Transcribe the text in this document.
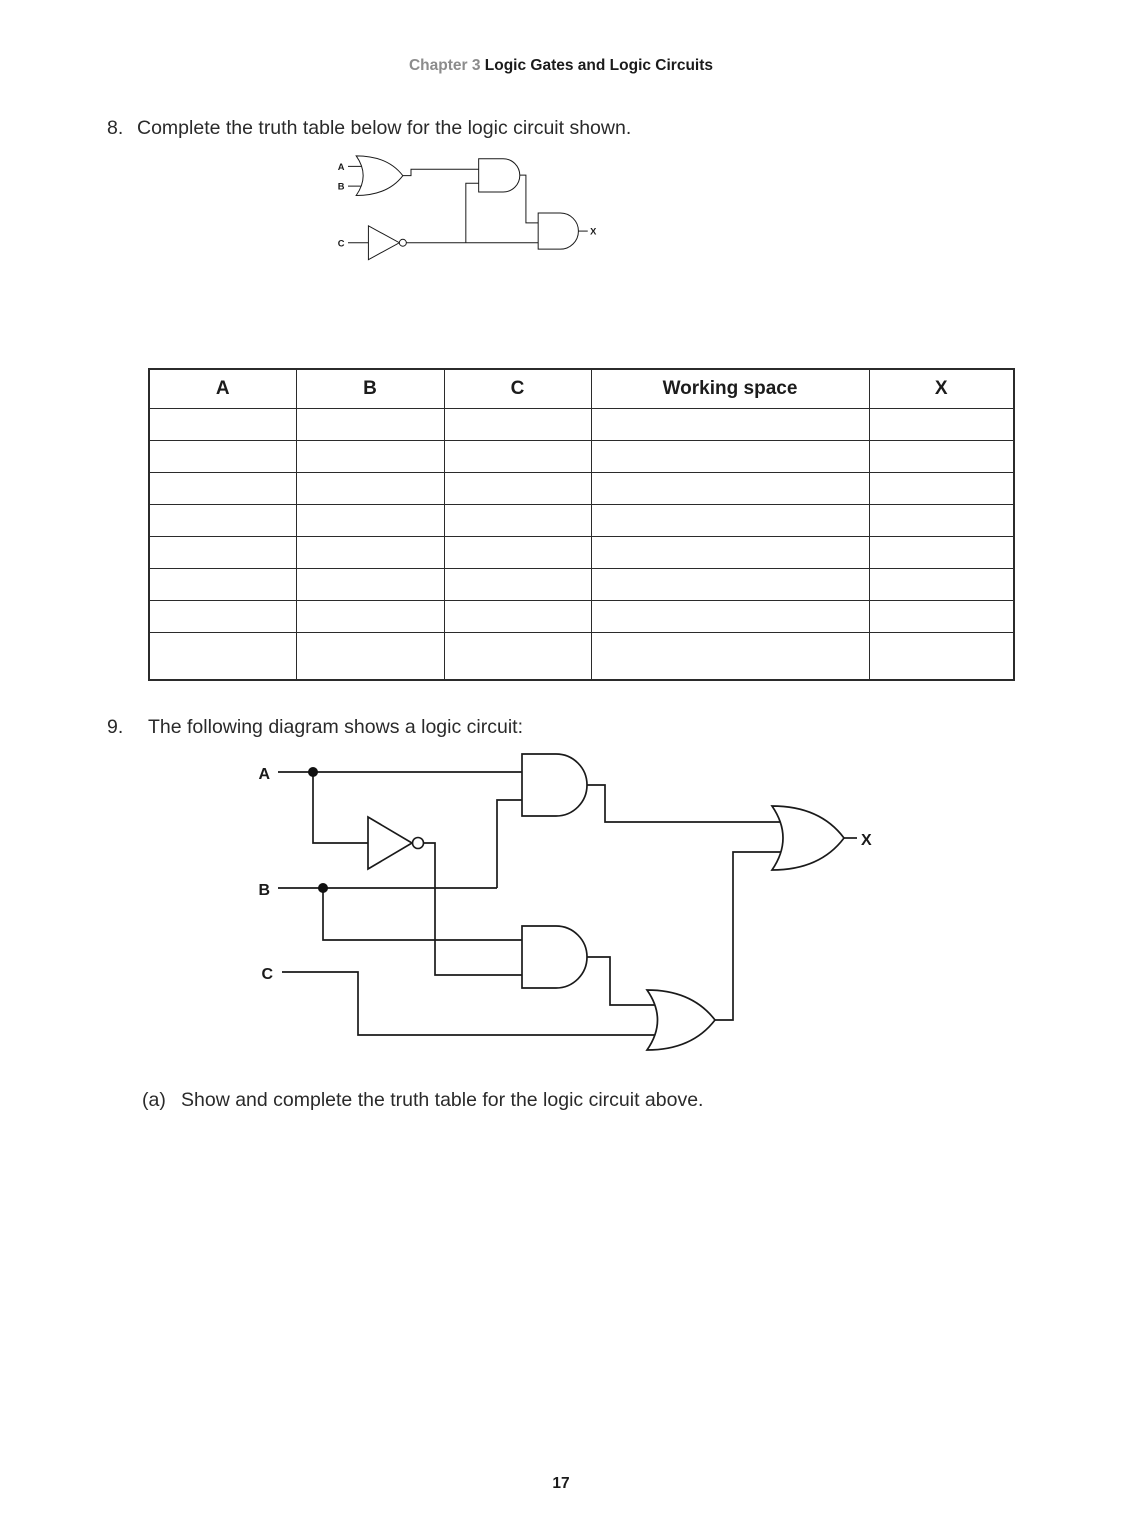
Chapter 3 Logic Gates and Logic Circuits
8. Complete the truth table below for the logic circuit shown.
A
B
C
X
A	B	C	Working space	X

9. The following diagram shows a logic circuit:
A
B
C
X
(a) Show and complete the truth table for the logic circuit above.
17
